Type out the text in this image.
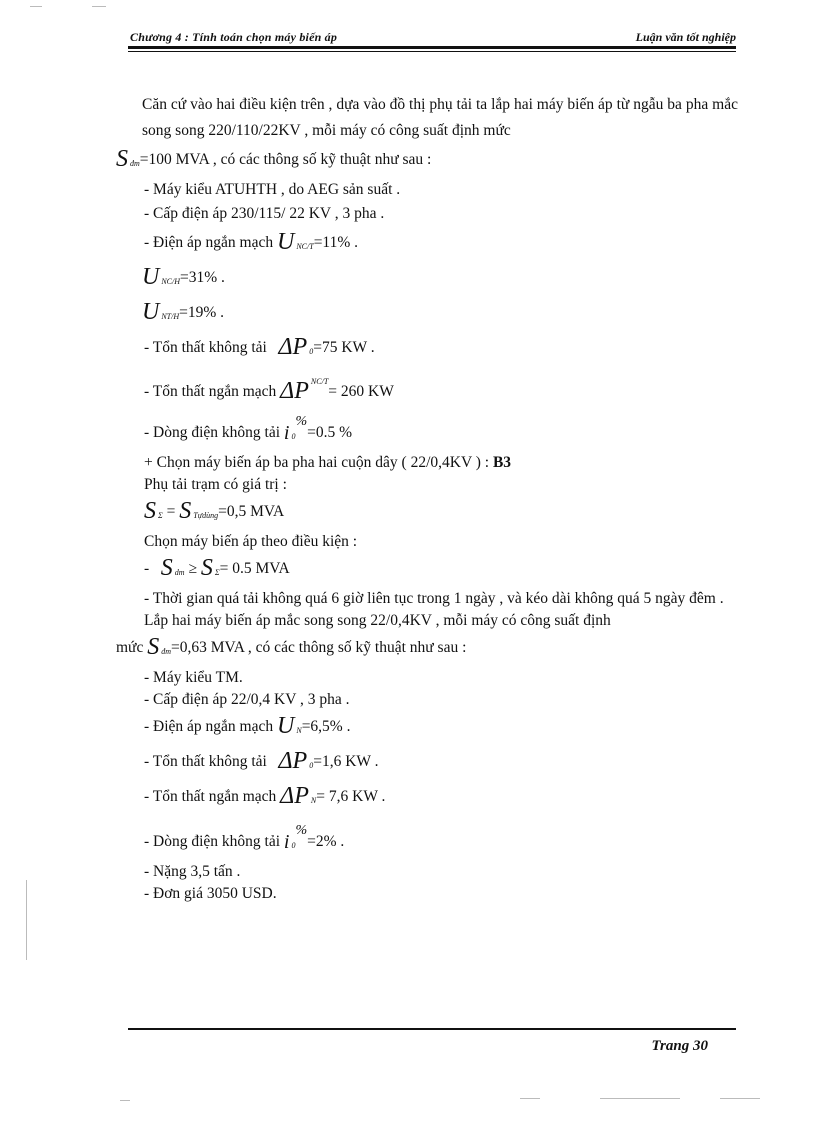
Chương 4 : Tính toán chọn máy biến áp	Luận văn tốt nghiệp

Căn cứ vào hai điều kiện trên , dựa vào đồ thị phụ tải ta lắp hai máy biến áp từ ngẫu ba pha mắc song song 220/110/22KV , mỗi máy có công suất định mức

S $_{đm}$=100 MVA , có các thông số kỹ thuật như sau :

- Máy kiểu ATUHTH , do AEG sản suất .

- Cấp điện áp 230/115/ 22 KV , 3 pha .

- Điện áp ngắn mạch U $_{NC/T}$=11% .

U $_{NC/H}$=31% .

U $_{NT/H}$=19% .

- Tổn thất không tải ΔP $_0$=75 KW .

- Tổn thất ngắn mạch ΔP $^{NC/T}$= 260 KW

- Dòng điện không tải i $_0$%=0.5 %

+ Chọn máy biến áp ba pha hai cuộn dây ( 22/0,4KV ) : B3

Phụ tải trạm có giá trị :

S $_\Sigma$ = S $_{Tựdùng}$=0,5 MVA

Chọn máy biến áp theo điều kiện :

- S $_{dm}$ ≥ S $_\Sigma$= 0.5 MVA

- Thời gian quá tải không quá 6 giờ liên tục trong 1 ngày , và kéo dài không quá 5 ngày đêm .

Lắp hai máy biến áp mắc song song 22/0,4KV , mỗi máy có công suất định

mức S $_{đm}$=0,63 MVA , có các thông số kỹ thuật như sau :

- Máy kiểu TM.

- Cấp điện áp 22/0,4 KV , 3 pha .

- Điện áp ngắn mạch U $_N$=6,5% .

- Tổn thất không tải ΔP $_0$=1,6 KW .

- Tổn thất ngắn mạch ΔP $_N$= 7,6 KW .

- Dòng điện không tải i $_0$%=2% .

- Nặng 3,5 tấn .

- Đơn giá 3050 USD.

Trang 30
